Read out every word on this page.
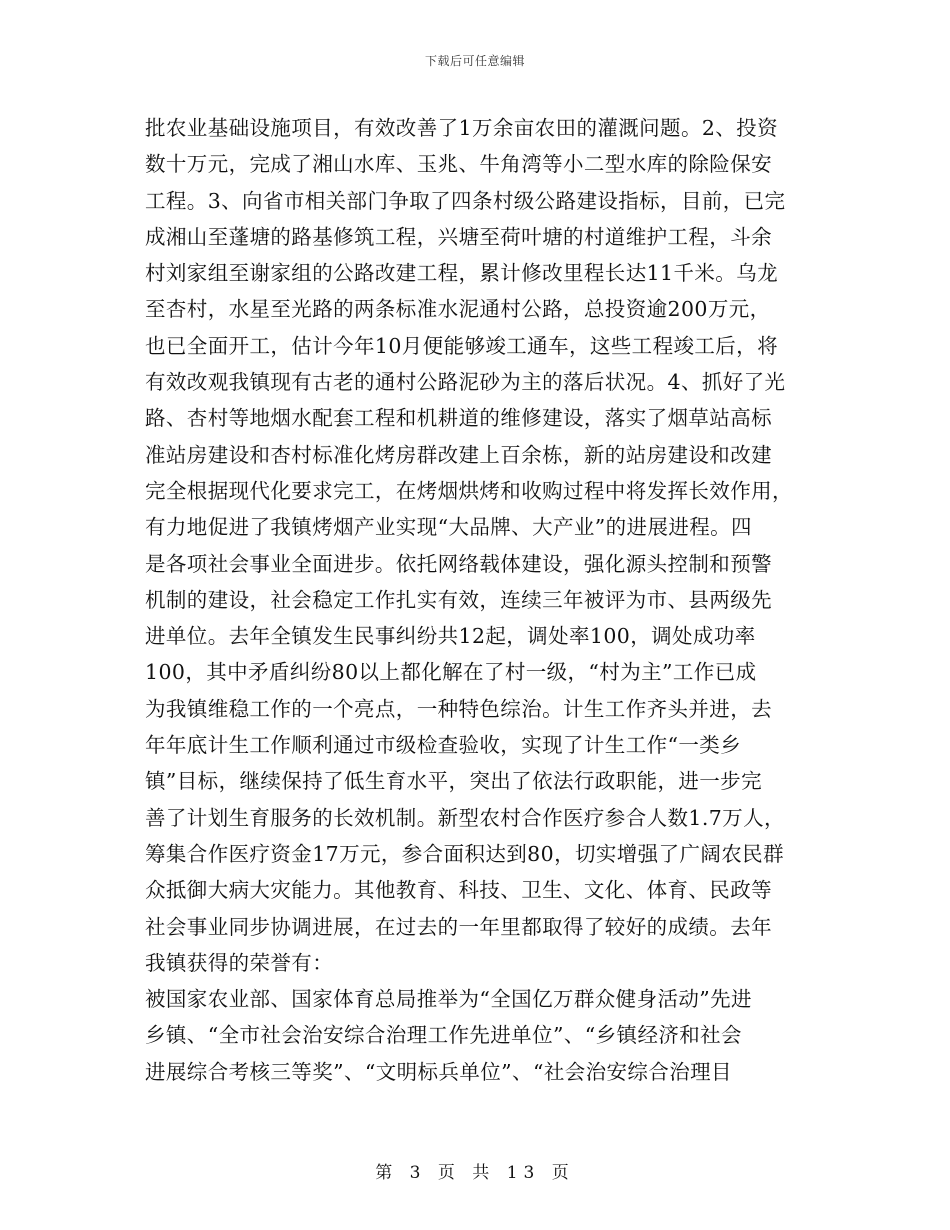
下载后可任意编辑
批农业基础设施项目，有效改善了1万余亩农田的灌溉问题。2、投资
数十万元，完成了湘山水库、玉兆、牛角湾等小二型水库的除险保安
工程。3、向省市相关部门争取了四条村级公路建设指标，目前，已完
成湘山至蓬塘的路基修筑工程，兴塘至荷叶塘的村道维护工程，斗余
村刘家组至谢家组的公路改建工程，累计修改里程长达11千米。乌龙
至杏村，水星至光路的两条标准水泥通村公路，总投资逾200万元，
也已全面开工，估计今年10月便能够竣工通车，这些工程竣工后，将
有效改观我镇现有古老的通村公路泥砂为主的落后状况。4、抓好了光
路、杏村等地烟水配套工程和机耕道的维修建设，落实了烟草站高标
准站房建设和杏村标准化烤房群改建上百余栋，新的站房建设和改建
完全根据现代化要求完工，在烤烟烘烤和收购过程中将发挥长效作用，
有力地促进了我镇烤烟产业实现“大品牌、大产业”的进展进程。四
是各项社会事业全面进步。依托网络载体建设，强化源头控制和预警
机制的建设，社会稳定工作扎实有效，连续三年被评为市、县两级先
进单位。去年全镇发生民事纠纷共12起，调处率100，调处成功率
100，其中矛盾纠纷80以上都化解在了村一级，“村为主”工作已成
为我镇维稳工作的一个亮点，一种特色综治。计生工作齐头并进，去
年年底计生工作顺利通过市级检查验收，实现了计生工作“一类乡
镇”目标，继续保持了低生育水平，突出了依法行政职能，进一步完
善了计划生育服务的长效机制。新型农村合作医疗参合人数1.7万人，
筹集合作医疗资金17万元，参合面积达到80，切实增强了广阔农民群
众抵御大病大灾能力。其他教育、科技、卫生、文化、体育、民政等
社会事业同步协调进展，在过去的一年里都取得了较好的成绩。去年
我镇获得的荣誉有：
被国家农业部、国家体育总局推举为“全国亿万群众健身活动”先进
乡镇、“全市社会治安综合治理工作先进单位”、“乡镇经济和社会
进展综合考核三等奖”、“文明标兵单位”、“社会治安综合治理目
第 3 页 共 13 页
